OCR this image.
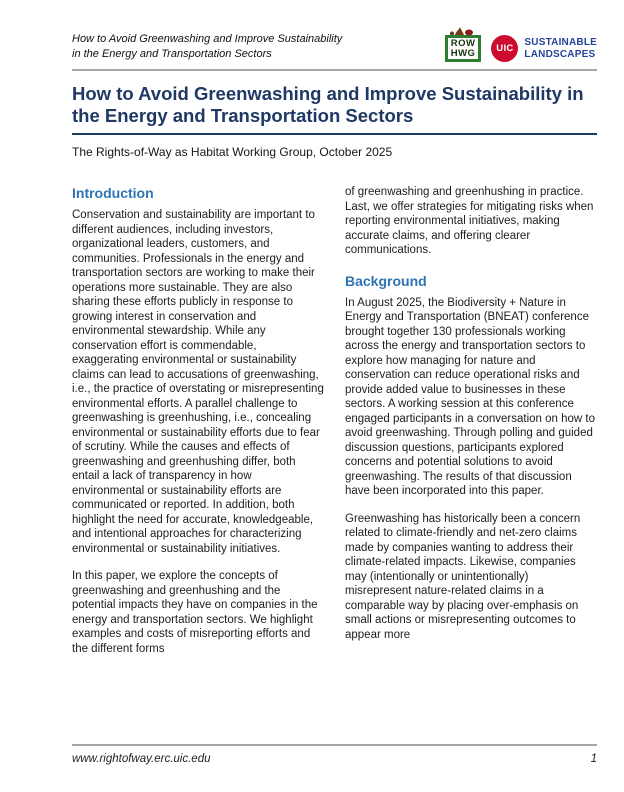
How to Avoid Greenwashing and Improve Sustainability
in the Energy and Transportation Sectors
ROW
HWG	UIC
SUSTAINABLE
LANDSCAPES
How to Avoid Greenwashing and Improve Sustainability in the Energy and Transportation Sectors
The Rights-of-Way as Habitat Working Group, October 2025
Introduction

Conservation and sustainability are important to different audiences, including investors, organizational leaders, customers, and communities. Professionals in the energy and transportation sectors are working to make their operations more sustainable. They are also sharing these efforts publicly in response to growing interest in conservation and environmental stewardship. While any conservation effort is commendable, exaggerating environmental or sustainability claims can lead to accusations of greenwashing, i.e., the practice of overstating or misrepresenting environmental efforts. A parallel challenge to greenwashing is greenhushing, i.e., concealing environmental or sustainability efforts due to fear of scrutiny. While the causes and effects of greenwashing and greenhushing differ, both entail a lack of transparency in how environmental or sustainability efforts are communicated or reported. In addition, both highlight the need for accurate, knowledgeable, and intentional approaches for characterizing environmental or sustainability initiatives.

In this paper, we explore the concepts of greenwashing and greenhushing and the potential impacts they have on companies in the energy and transportation sectors. We highlight examples and costs of misreporting efforts and the different forms

of greenwashing and greenhushing in practice. Last, we offer strategies for mitigating risks when reporting environmental initiatives, making accurate claims, and offering clearer communications.

Background

In August 2025, the Biodiversity + Nature in Energy and Transportation (BNEAT) conference brought together 130 professionals working across the energy and transportation sectors to explore how managing for nature and conservation can reduce operational risks and provide added value to businesses in these sectors. A working session at this conference engaged participants in a conversation on how to avoid greenwashing. Through polling and guided discussion questions, participants explored concerns and potential solutions to avoid greenwashing. The results of that discussion have been incorporated into this paper.

Greenwashing has historically been a concern related to climate-friendly and net-zero claims made by companies wanting to address their climate-related impacts. Likewise, companies may (intentionally or unintentionally) misrepresent nature-related claims in a comparable way by placing over-emphasis on small actions or misrepresenting outcomes to appear more

www.rightofway.erc.uic.edu	1
